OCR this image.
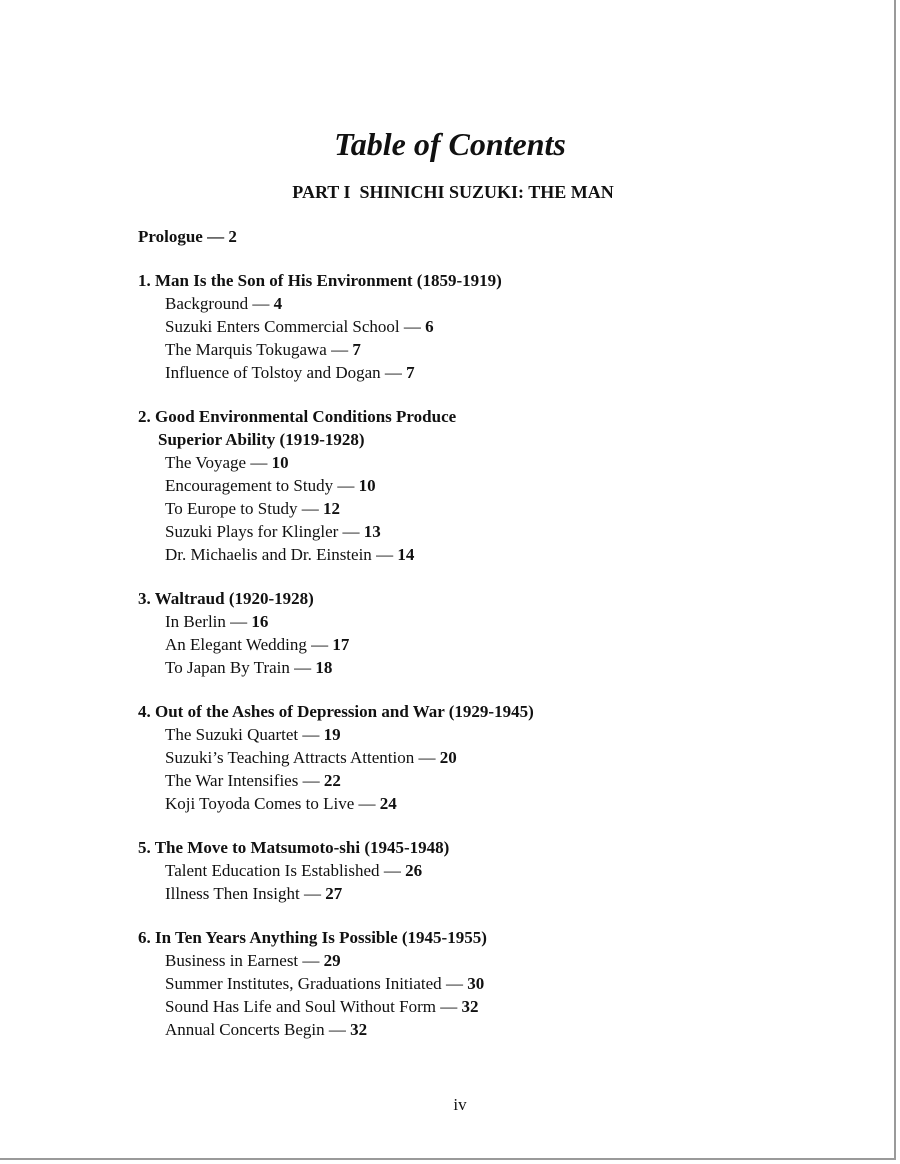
Table of Contents
PART I  SHINICHI SUZUKI: THE MAN
Prologue — 2
1. Man Is the Son of His Environment (1859-1919)
Background — 4
Suzuki Enters Commercial School — 6
The Marquis Tokugawa — 7
Influence of Tolstoy and Dogan — 7
2. Good Environmental Conditions Produce
Superior Ability (1919-1928)
The Voyage — 10
Encouragement to Study — 10
To Europe to Study — 12
Suzuki Plays for Klingler — 13
Dr. Michaelis and Dr. Einstein — 14
3. Waltraud (1920-1928)
In Berlin — 16
An Elegant Wedding — 17
To Japan By Train — 18
4. Out of the Ashes of Depression and War (1929-1945)
The Suzuki Quartet — 19
Suzuki’s Teaching Attracts Attention — 20
The War Intensifies — 22
Koji Toyoda Comes to Live — 24
5. The Move to Matsumoto-shi (1945-1948)
Talent Education Is Established — 26
Illness Then Insight — 27
6. In Ten Years Anything Is Possible (1945-1955)
Business in Earnest — 29
Summer Institutes, Graduations Initiated — 30
Sound Has Life and Soul Without Form — 32
Annual Concerts Begin — 32
iv
